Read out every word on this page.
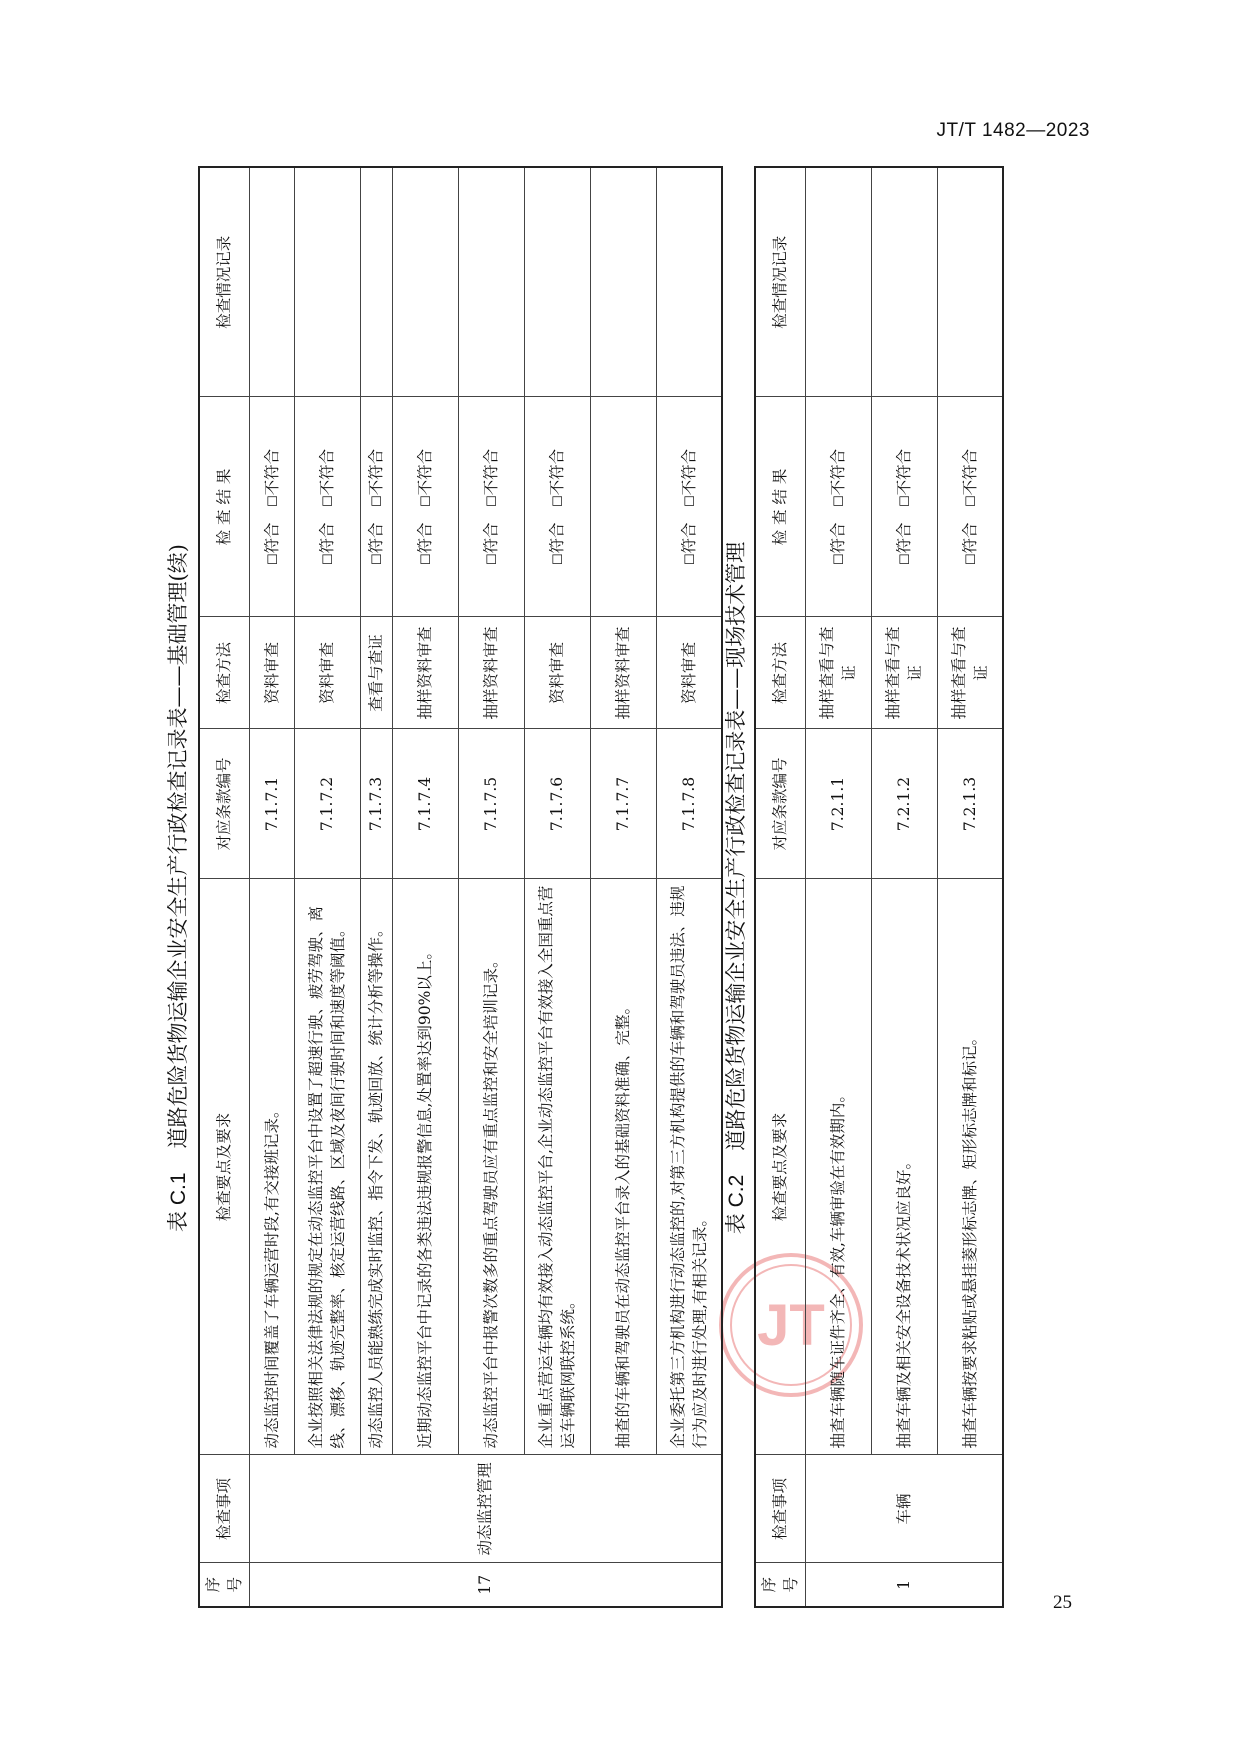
JT/T 1482—2023
25
JT
表 C.1道路危险货物运输企业安全生产行政检查记录表——基础管理(续)
序号	检查事项	检查要点及要求	对应条款编号	检查方法	检 查 结 果	检查情况记录
17	动态监控管理	动态监控时间覆盖了车辆运营时段,有交接班记录。	7.1.7.1	资料审查	☐符合 ☐不符合	
		企业按照相关法律法规的规定在动态监控平台中设置了超速行驶、疲劳驾驶、离线、漂移、轨迹完整率、核定运营线路、区域及夜间行驶时间和速度等阈值。	7.1.7.2	资料审查	☐符合 ☐不符合	
		动态监控人员能熟练完成实时监控、指令下发、轨迹回放、统计分析等操作。	7.1.7.3	查看与查证	☐符合 ☐不符合	
		近期动态监控平台中记录的各类违法违规报警信息,处置率达到90%以上。	7.1.7.4	抽样资料审查	☐符合 ☐不符合	
		动态监控平台中报警次数多的重点驾驶员应有重点监控和安全培训记录。	7.1.7.5	抽样资料审查	☐符合 ☐不符合	
		企业重点营运车辆均有效接入动态监控平台,企业动态监控平台有效接入全国重点营运车辆联网联控系统。	7.1.7.6	资料审查	☐符合 ☐不符合	
		抽查的车辆和驾驶员在动态监控平台录入的基础资料准确、完整。	7.1.7.7	抽样资料审查		
		企业委托第三方机构进行动态监控的,对第三方机构提供的车辆和驾驶员违法、违规行为应及时进行处理,有相关记录。	7.1.7.8	资料审查	☐符合 ☐不符合	
表 C.2道路危险货物运输企业安全生产行政检查记录表——现场技术管理
序号	检查事项	检查要点及要求	对应条款编号	检查方法	检 查 结 果	检查情况记录
1	车辆	抽查车辆随车证件齐全、有效,车辆审验在有效期内。	7.2.1.1	抽样查看与查证	☐符合 ☐不符合	
		抽查车辆及相关安全设备技术状况应良好。	7.2.1.2	抽样查看与查证	☐符合 ☐不符合	
		抽查车辆按要求粘贴或悬挂菱形标志牌、矩形标志牌和标记。	7.2.1.3	抽样查看与查证	☐符合 ☐不符合	
